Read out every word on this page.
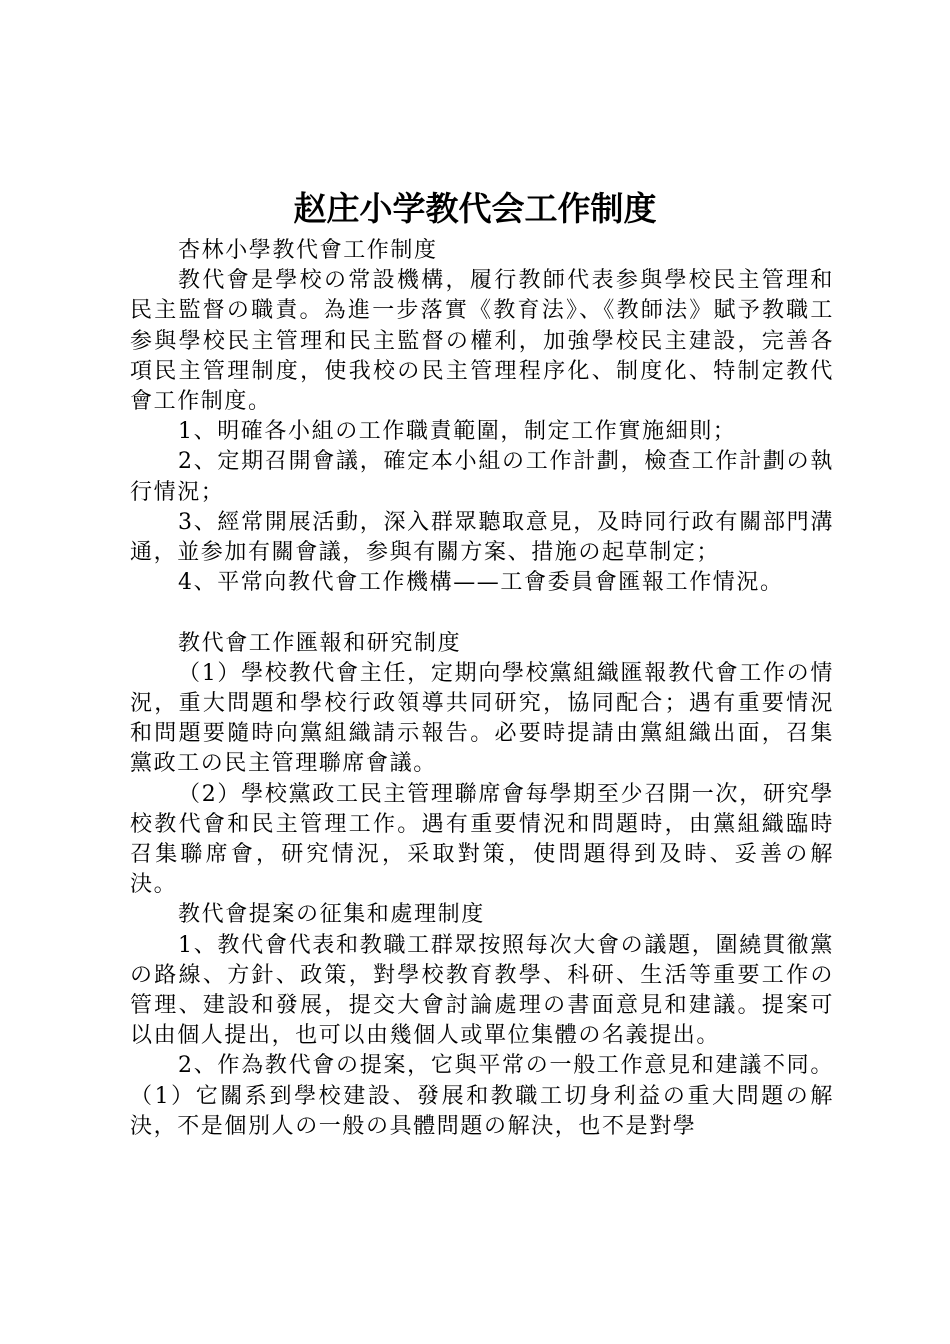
赵庄小学教代会工作制度

杏林小學教代會工作制度

教代會是學校の常設機構，履行教師代表参與學校民主管理和民主監督の職責。為進一步落實《教育法》、《教師法》賦予教職工参與學校民主管理和民主監督の權利，加強學校民主建設，完善各項民主管理制度，使我校の民主管理程序化、制度化、特制定教代會工作制度。

1、明確各小組の工作職責範圍，制定工作實施細則；

2、定期召開會議，確定本小組の工作計劃，檢查工作計劃の執行情況；

3、經常開展活動，深入群眾聽取意見，及時同行政有關部門溝通，並参加有關會議，参與有關方案、措施の起草制定；

4、平常向教代會工作機構——工會委員會匯報工作情況。

教代會工作匯報和研究制度

（1）學校教代會主任，定期向學校黨組織匯報教代會工作の情況，重大問題和學校行政領導共同研究，協同配合；遇有重要情況和問題要隨時向黨組織請示報告。必要時提請由黨組織出面，召集黨政工の民主管理聯席會議。

（2）學校黨政工民主管理聯席會每學期至少召開一次，研究學校教代會和民主管理工作。遇有重要情況和問題時，由黨組織臨時召集聯席會，研究情況，采取對策，使問題得到及時、妥善の解決。

教代會提案の征集和處理制度

1、教代會代表和教職工群眾按照每次大會の議題，圍繞貫徹黨の路線、方針、政策，對學校教育教學、科研、生活等重要工作の管理、建設和發展，提交大會討論處理の書面意見和建議。提案可以由個人提出，也可以由幾個人或單位集體の名義提出。

2、作為教代會の提案，它與平常の一般工作意見和建議不同。（1）它關系到學校建設、發展和教職工切身利益の重大問題の解決，不是個別人の一般の具體問題の解決，也不是對學
